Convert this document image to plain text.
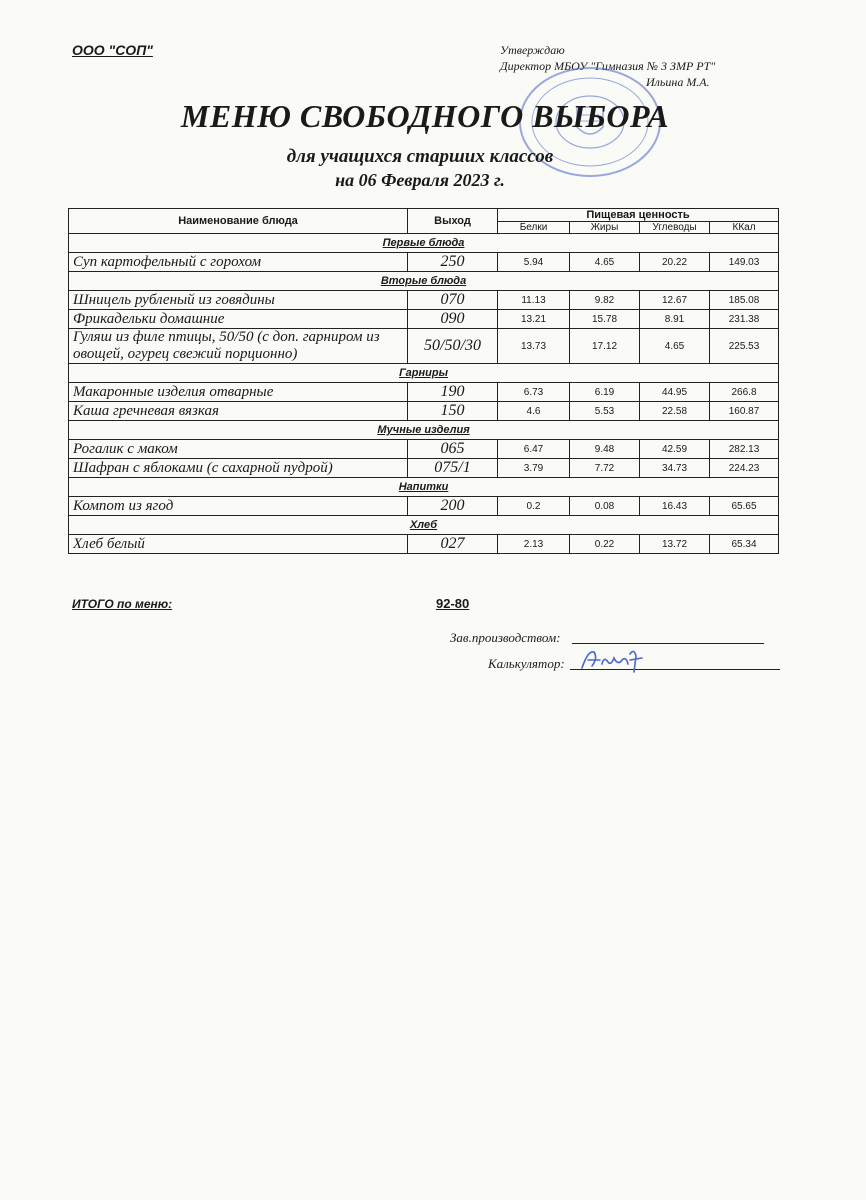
ООО "СОП"	Утверждаю
Директор МБОУ "Гимназия № 3 ЗМР РТ"
Ильина М.А.
МЕНЮ СВОБОДНОГО ВЫБОРА
для учащихся старших классов
на 06 Февраля 2023 г.
Наименование блюда	Выход	Пищевая ценность			
		Белки	Жиры	Углеводы	ККал
Первые блюда					
Суп картофельный с горохом	250	5.94	4.65	20.22	149.03
Вторые блюда					
Шницель рубленый из говядины	070	11.13	9.82	12.67	185.08
Фрикадельки домашние	090	13.21	15.78	8.91	231.38
Гуляш из филе птицы, 50/50 (с доп. гарниром из овощей, огурец свежий порционно)	50/50/30	13.73	17.12	4.65	225.53
Гарниры					
Макаронные изделия отварные	190	6.73	6.19	44.95	266.8
Каша гречневая вязкая	150	4.6	5.53	22.58	160.87
Мучные изделия					
Рогалик с маком	065	6.47	9.48	42.59	282.13
Шафран с яблоками (с сахарной пудрой)	075/1	3.79	7.72	34.73	224.23
Напитки					
Компот из ягод	200	0.2	0.08	16.43	65.65
Хлеб					
Хлеб белый	027	2.13	0.22	13.72	65.34
ИТОГО по меню:	92-80
Зав.производством:
Калькулятор:
